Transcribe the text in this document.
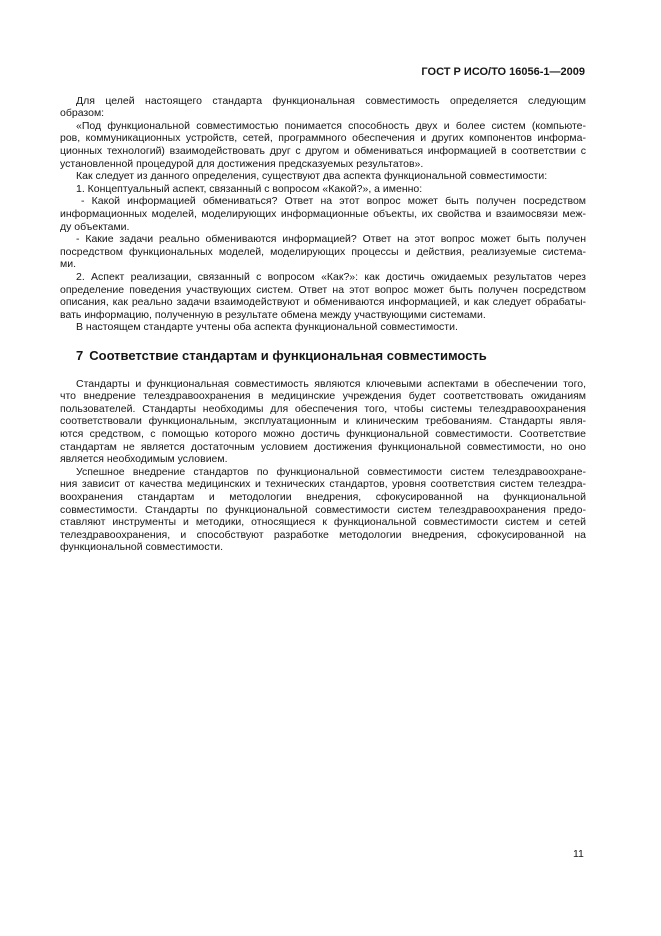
ГОСТ Р ИСО/ТО 16056-1—2009
Для целей настоящего стандарта функциональная совместимость определяется следующим
образом:
«Под функциональной совместимостью понимается способность двух и более систем (компьюте-
ров, коммуникационных устройств, сетей, программного обеспечения и других компонентов информа-
ционных технологий) взаимодействовать друг с другом и обмениваться информацией в соответствии с
установленной процедурой для достижения предсказуемых результатов».
Как следует из данного определения, существуют два аспекта функциональной совместимости:
1. Концептуальный аспект, связанный с вопросом «Какой?», а именно:
- Какой информацией обмениваться? Ответ на этот вопрос может быть получен посредством
информационных моделей, моделирующих информационные объекты, их свойства и взаимосвязи меж-
ду объектами.
- Какие задачи реально обмениваются информацией? Ответ на этот вопрос может быть получен
посредством функциональных моделей, моделирующих процессы и действия, реализуемые система-
ми.
2. Аспект реализации, связанный с вопросом «Как?»: как достичь ожидаемых результатов через
определение поведения участвующих систем. Ответ на этот вопрос может быть получен посредством
описания, как реально задачи взаимодействуют и обмениваются информацией, и как следует обрабаты-
вать информацию, полученную в результате обмена между участвующими системами.
В настоящем стандарте учтены оба аспекта функциональной совместимости.
7 Соответствие стандартам и функциональная совместимость
Стандарты и функциональная совместимость являются ключевыми аспектами в обеспечении того,
что внедрение телездравоохранения в медицинские учреждения будет соответствовать ожиданиям
пользователей. Стандарты необходимы для обеспечения того, чтобы системы телездравоохранения
соответствовали функциональным, эксплуатационным и клиническим требованиям. Стандарты явля-
ются средством, с помощью которого можно достичь функциональной совместимости. Соответствие
стандартам не является достаточным условием достижения функциональной совместимости, но оно
является необходимым условием.
Успешное внедрение стандартов по функциональной совместимости систем телездравоохране-
ния зависит от качества медицинских и технических стандартов, уровня соответствия систем телездра-
воохранения стандартам и методологии внедрения, сфокусированной на функциональной
совместимости. Стандарты по функциональной совместимости систем телездравоохранения предо-
ставляют инструменты и методики, относящиеся к функциональной совместимости систем и сетей
телездравоохранения, и способствуют разработке методологии внедрения, сфокусированной на
функциональной совместимости.
11
